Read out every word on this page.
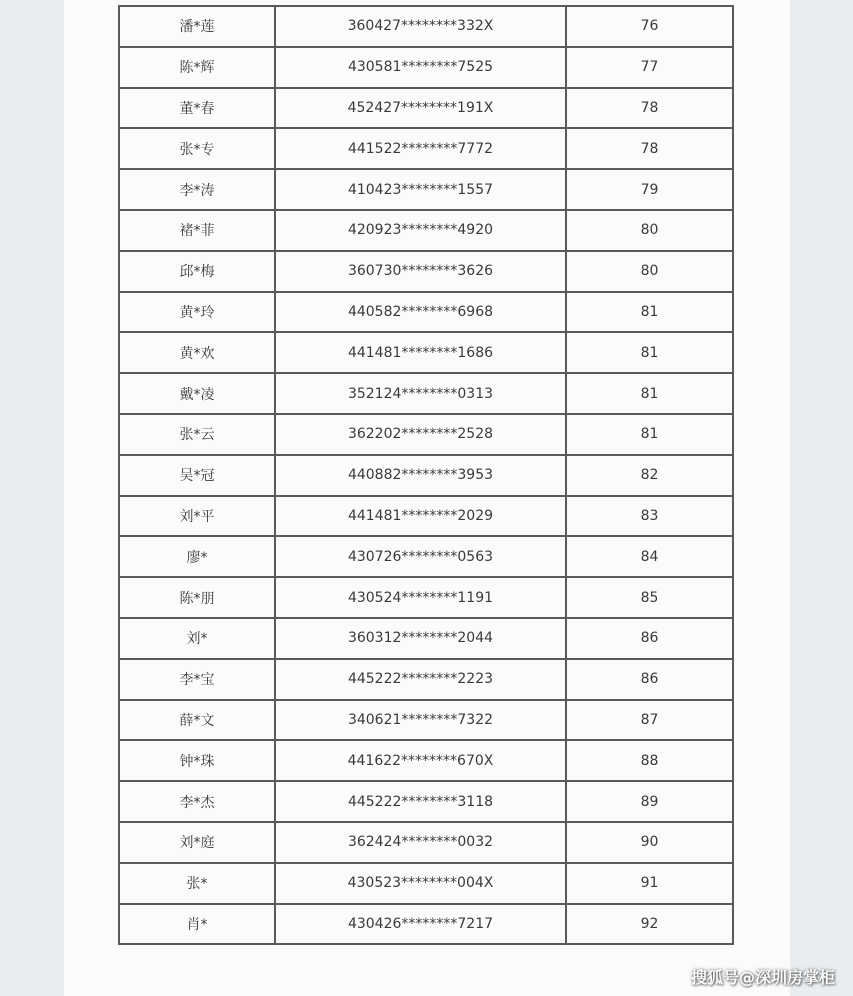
潘*莲	360427********332X	76
陈*辉	430581********7525	77
董*春	452427********191X	78
张*专	441522********7772	78
李*涛	410423********1557	79
褚*菲	420923********4920	80
邱*梅	360730********3626	80
黄*玲	440582********6968	81
黄*欢	441481********1686	81
戴*凌	352124********0313	81
张*云	362202********2528	81
吴*冠	440882********3953	82
刘*平	441481********2029	83
廖*	430726********0563	84
陈*朋	430524********1191	85
刘*	360312********2044	86
李*宝	445222********2223	86
薛*文	340621********7322	87
钟*珠	441622********670X	88
李*杰	445222********3118	89
刘*庭	362424********0032	90
张*	430523********004X	91
肖*	430426********7217	92
搜狐号@深圳房掌柜
